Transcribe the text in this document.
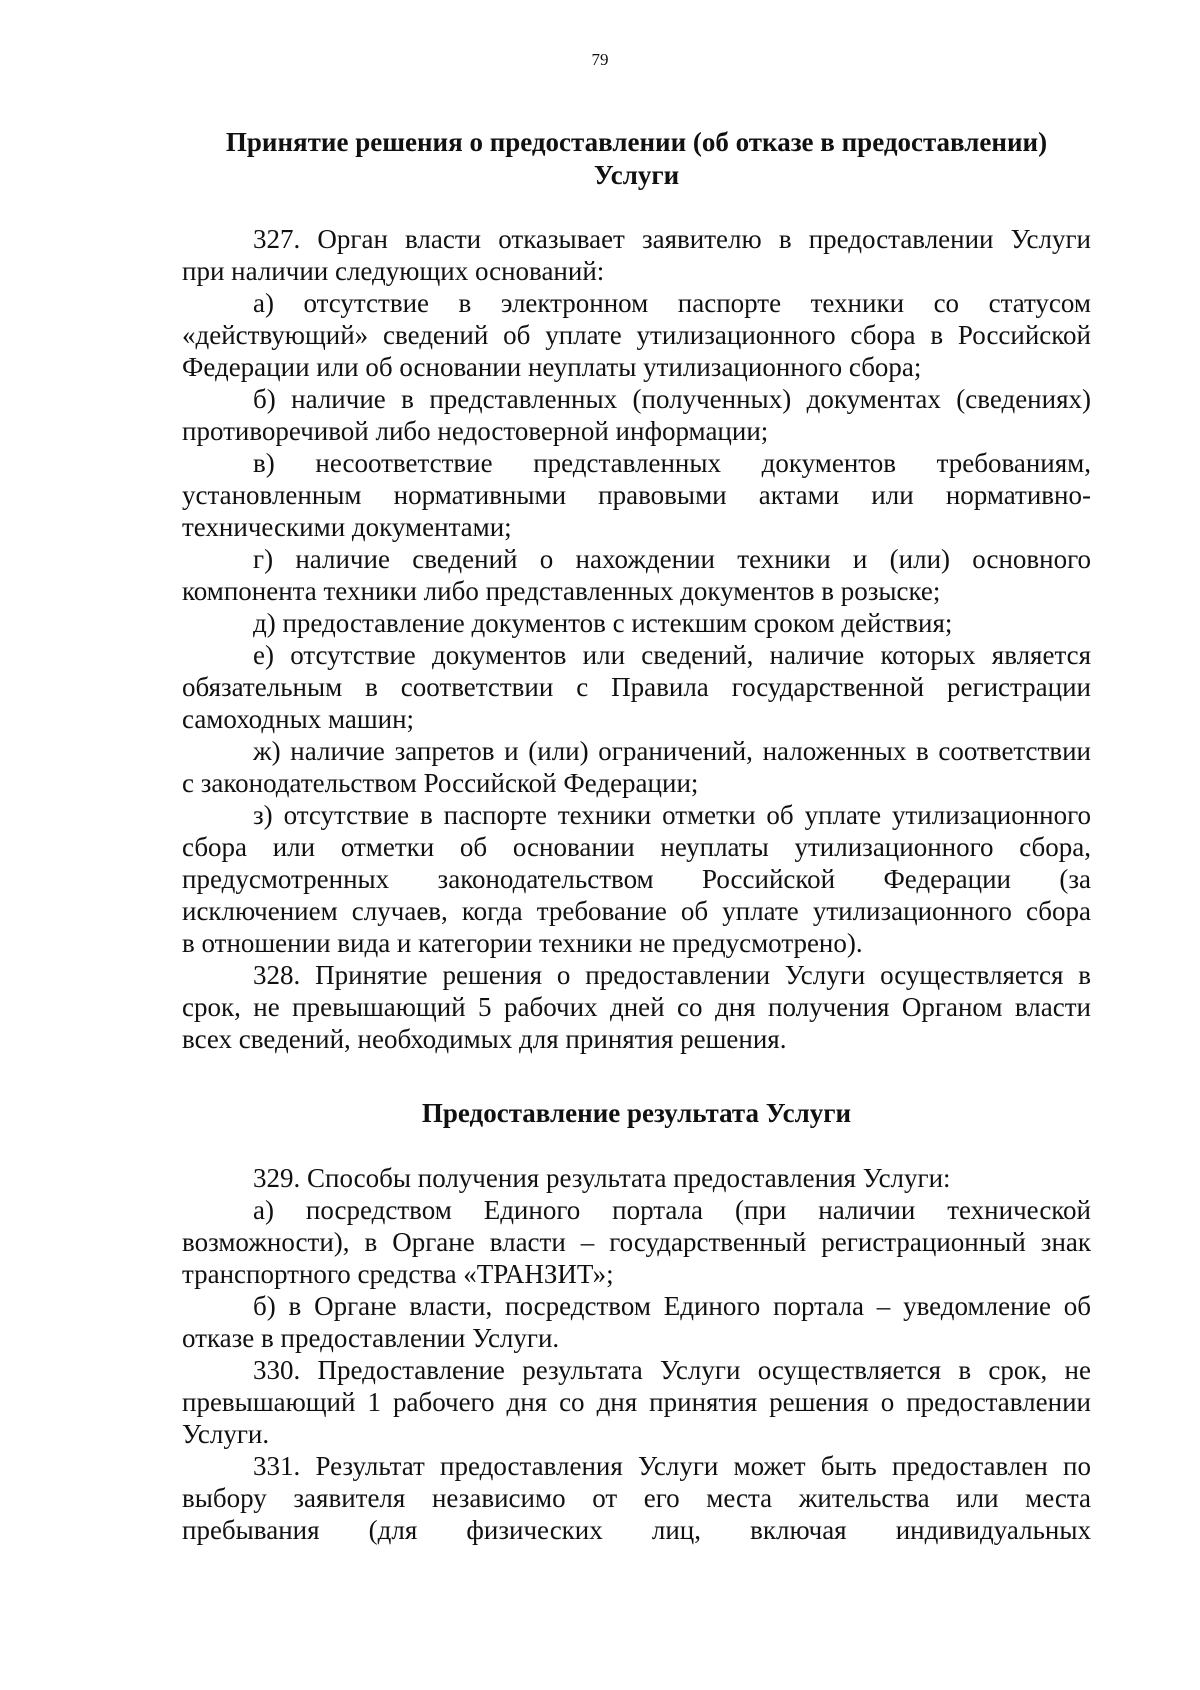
79
Принятие решения о предоставлении (об отказе в предоставлении)
Услуги
327. Орган власти отказывает заявителю в предоставлении Услуги
при наличии следующих оснований:
а) отсутствие в электронном паспорте техники со статусом
«действующий» сведений об уплате утилизационного сбора в Российской
Федерации или об основании неуплаты утилизационного сбора;
б) наличие в представленных (полученных) документах (сведениях)
противоречивой либо недостоверной информации;
в) несоответствие представленных документов требованиям,
установленным нормативными правовыми актами или нормативно-
техническими документами;
г) наличие сведений о нахождении техники и (или) основного
компонента техники либо представленных документов в розыске;
д) предоставление документов с истекшим сроком действия;
е) отсутствие документов или сведений, наличие которых является
обязательным в соответствии с Правила государственной регистрации
самоходных машин;
ж) наличие запретов и (или) ограничений, наложенных в соответствии
с законодательством Российской Федерации;
з) отсутствие в паспорте техники отметки об уплате утилизационного
сбора или отметки об основании неуплаты утилизационного сбора,
предусмотренных законодательством Российской Федерации (за
исключением случаев, когда требование об уплате утилизационного сбора
в отношении вида и категории техники не предусмотрено).
328. Принятие решения о предоставлении Услуги осуществляется в
срок, не превышающий 5 рабочих дней со дня получения Органом власти
всех сведений, необходимых для принятия решения.
Предоставление результата Услуги
329. Способы получения результата предоставления Услуги:
а) посредством Единого портала (при наличии технической
возможности), в Органе власти – государственный регистрационный знак
транспортного средства «ТРАНЗИТ»;
б) в Органе власти, посредством Единого портала – уведомление об
отказе в предоставлении Услуги.
330. Предоставление результата Услуги осуществляется в срок, не
превышающий 1 рабочего дня со дня принятия решения о предоставлении
Услуги.
331. Результат предоставления Услуги может быть предоставлен по
выбору заявителя независимо от его места жительства или места
пребывания (для физических лиц, включая индивидуальных
